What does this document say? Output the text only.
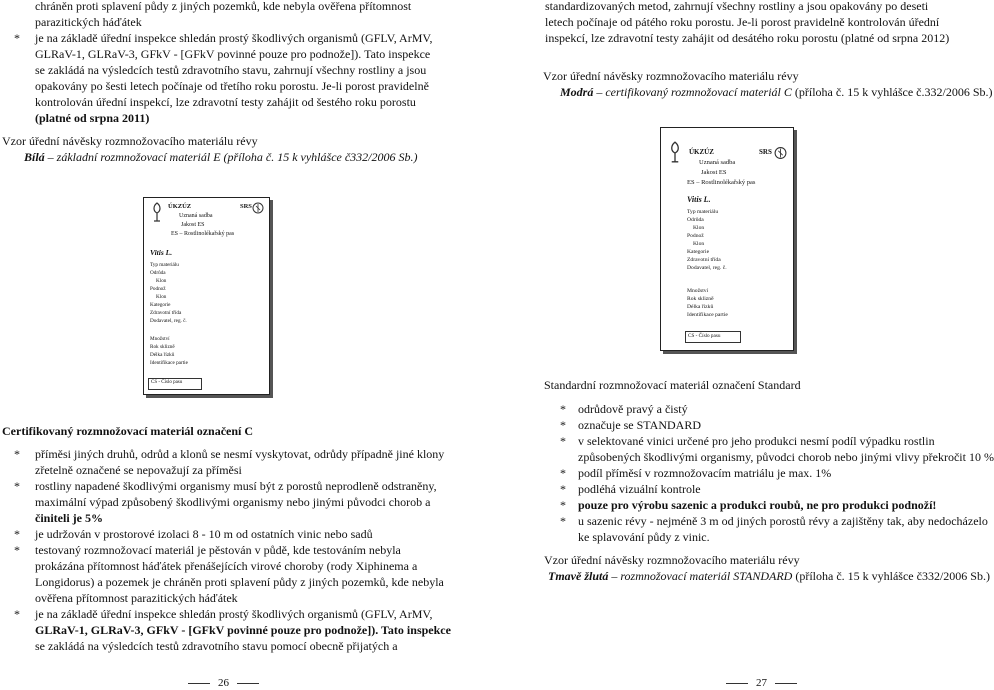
chráněn proti splavení půdy z jiných pozemků, kde nebyla ověřena přítomnost
parazitických háďátek
* je na základě úřední inspekce shledán prostý škodlivých organismů (GFLV, ArMV,
GLRaV-1, GLRaV-3, GFkV - [GFkV povinné pouze pro podnože]). Tato inspekce
se zakládá na výsledcích testů zdravotního stavu, zahrnují všechny rostliny a jsou
opakovány po šesti letech počínaje od třetího roku porostu. Je-li porost pravidelně
kontrolován úřední inspekcí, lze zdravotní testy zahájit od šestého roku porostu
(platné od srpna 2011)
Vzor úřední návěsky rozmnožovacího materiálu révy
Bílá – základní rozmnožovací materiál E (příloha č. 15 k vyhlášce č332/2006 Sb.)
ÚKZÚZ	SRS
Uznaná sadba
Jakost ES
ES – Rostlinolékařský pas
Vitis L.
Typ materiálu
Odrůda
Klon
Podnož
Klon
Kategorie
Zdravotní třída
Dodavatel, reg. č.
Množství
Rok sklizně
Délka řízků
Identifikace partie
CS - Číslo pasu
Certifikovaný rozmnožovací materiál označení C
* příměsi jiných druhů, odrůd a klonů se nesmí vyskytovat, odrůdy případně jiné klony
zřetelně označené se nepovažují za příměsi
* rostliny napadené škodlivými organismy musí být z porostů neprodleně odstraněny,
maximální výpad způsobený škodlivými organismy nebo jinými původci chorob a
činiteli je 5%
* je udržován v prostorové izolaci 8 - 10 m od ostatních vinic nebo sadů
* testovaný rozmnožovací materiál je pěstován v půdě, kde testováním nebyla
prokázána přítomnost háďátek přenášejících virové choroby (rody Xiphinema a
Longidorus) a pozemek je chráněn proti splavení půdy z jiných pozemků, kde nebyla
ověřena přítomnost parazitických háďátek
* je na základě úřední inspekce shledán prostý škodlivých organismů (GFLV, ArMV,
GLRaV-1, GLRaV-3, GFkV - [GFkV povinné pouze pro podnože]). Tato inspekce
se zakládá na výsledcích testů zdravotního stavu pomocí obecně přijatých a
26
standardizovaných metod, zahrnují všechny rostliny a jsou opakovány po deseti
letech počínaje od pátého roku porostu. Je-li porost pravidelně kontrolován úřední
inspekcí, lze zdravotní testy zahájit od desátého roku porostu (platné od srpna 2012)
Vzor úřední návěsky rozmnožovacího materiálu révy
Modrá – certifikovaný rozmnožovací materiál C (příloha č. 15 k vyhlášce č.332/2006 Sb.)
ÚKZÚZ	SRS
Uznaná sadba
Jakost ES
ES – Rostlinolékařský pas
Vitis L.
Typ materiálu
Odrůda
Klon
Podnož
Klon
Kategorie
Zdravotní třída
Dodavatel, reg. č.
Množství
Rok sklizně
Délka řízků
Identifikace partie
CS - Číslo pasu
Standardní rozmnožovací materiál označení Standard
* odrůdově pravý a čistý
* označuje se STANDARD
* v selektované vinici určené pro jeho produkci nesmí podíl výpadku rostlin
způsobených škodlivými organismy, původci chorob nebo jinými vlivy překročit 10 %
* podíl příměsí v rozmnožovacím matriálu je max. 1%
* podléhá vizuální kontrole
* pouze pro výrobu sazenic a produkci roubů, ne pro produkci podnoží!
* u sazenic révy - nejméně 3 m od jiných porostů révy a zajištěny tak, aby nedocházelo
ke splavování půdy z vinic.
Vzor úřední návěsky rozmnožovacího materiálu révy
Tmavě žlutá – rozmnožovací materiál STANDARD (příloha č. 15 k vyhlášce č332/2006 Sb.)
27
